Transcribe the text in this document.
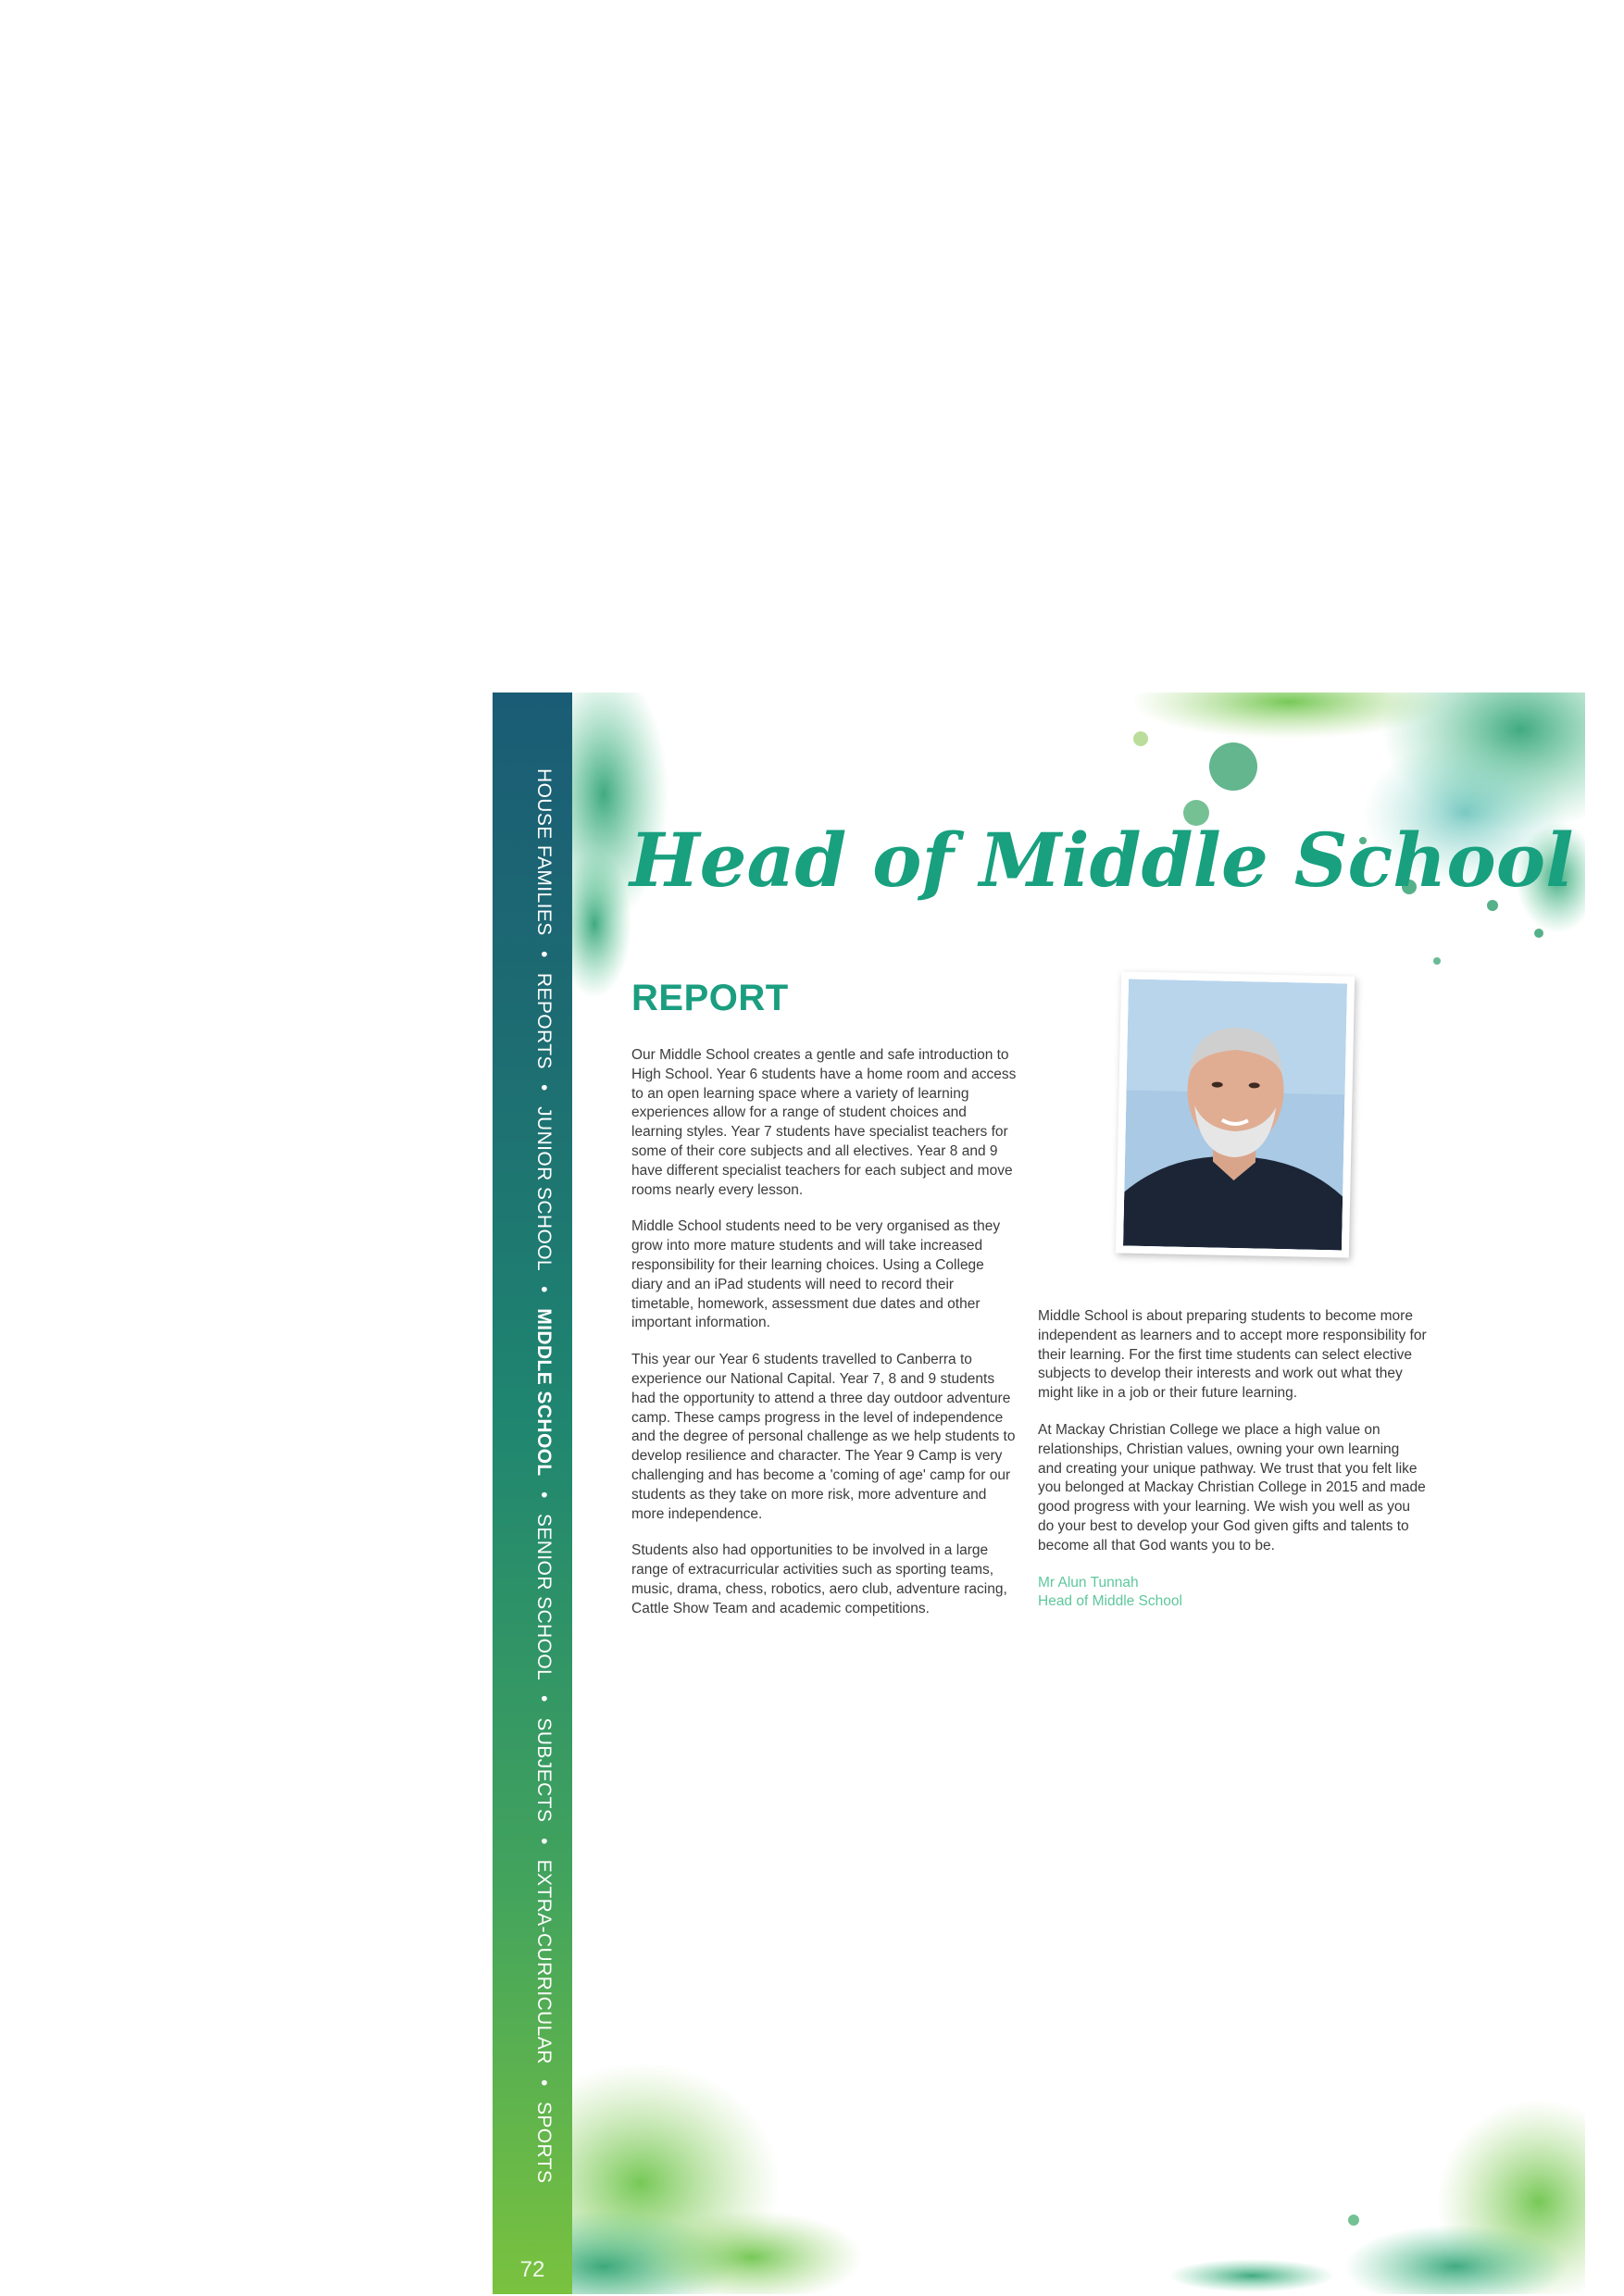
HOUSE FAMILIES • REPORTS • JUNIOR SCHOOL • MIDDLE SCHOOL • SENIOR SCHOOL • SUBJECTS • EXTRA-CURRICULAR • SPORTS
72
Head of Middle School
REPORT

Our Middle School creates a gentle and safe introduction to High School. Year 6 students have a home room and access to an open learning space where a variety of learning experiences allow for a range of student choices and learning styles. Year 7 students have specialist teachers for some of their core subjects and all electives. Year 8 and 9 have different specialist teachers for each subject and move rooms nearly every lesson.

Middle School students need to be very organised as they grow into more mature students and will take increased responsibility for their learning choices. Using a College diary and an iPad students will need to record their timetable, homework, assessment due dates and other important information.

This year our Year 6 students travelled to Canberra to experience our National Capital. Year 7, 8 and 9 students had the opportunity to attend a three day outdoor adventure camp. These camps progress in the level of independence and the degree of personal challenge as we help students to develop resilience and character. The Year 9 Camp is very challenging and has become a 'coming of age' camp for our students as they take on more risk, more adventure and more independence.

Students also had opportunities to be involved in a large range of extracurricular activities such as sporting teams, music, drama, chess, robotics, aero club, adventure racing, Cattle Show Team and academic competitions.

Middle School is about preparing students to become more independent as learners and to accept more responsibility for their learning. For the first time students can select elective subjects to develop their interests and work out what they might like in a job or their future learning.

At Mackay Christian College we place a high value on relationships, Christian values, owning your own learning and creating your unique pathway. We trust that you felt like you belonged at Mackay Christian College in 2015 and made good progress with your learning. We wish you well as you do your best to develop your God given gifts and talents to become all that God wants you to be.

Mr Alun Tunnah
Head of Middle School
